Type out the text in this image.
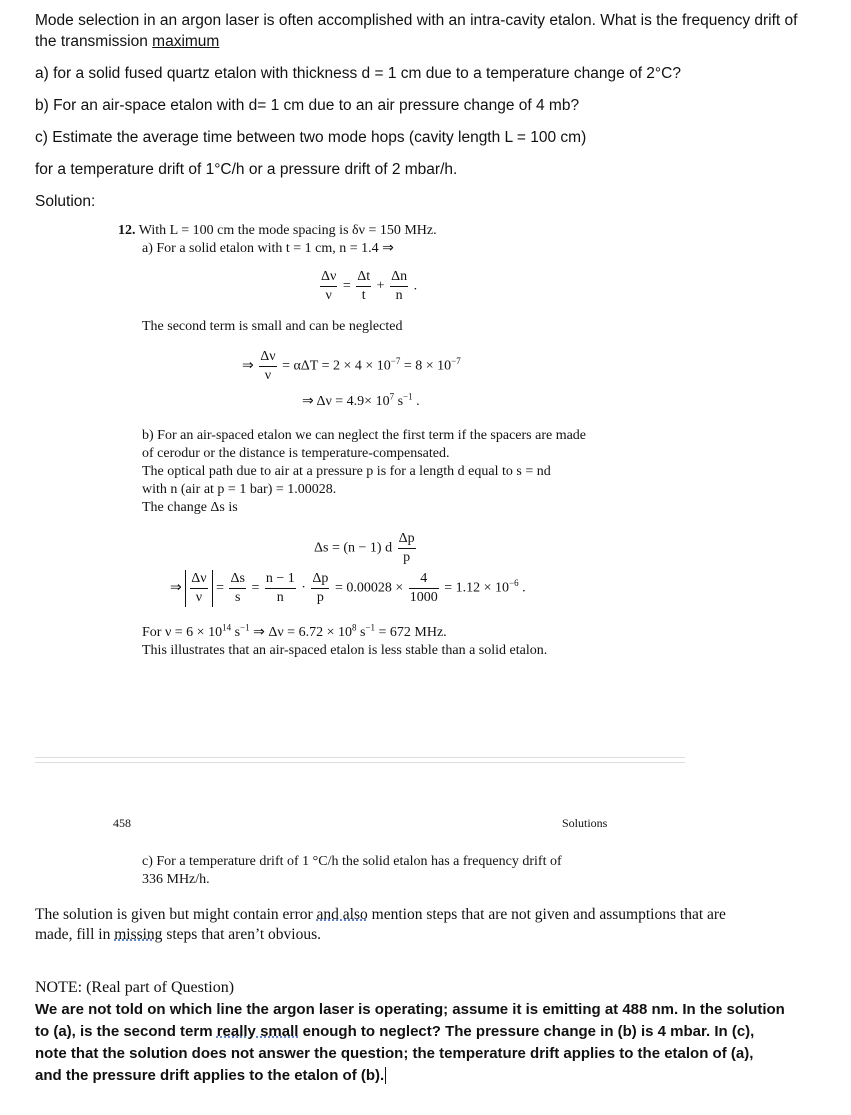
Mode selection in an argon laser is often accomplished with an intra-cavity etalon. What is the frequency drift of
the transmission maximum
a) for a solid fused quartz etalon with thickness d = 1 cm due to a temperature change of 2°C?
b) For an air-space etalon with d= 1 cm due to an air pressure change of 4 mb?
c) Estimate the average time between two mode hops (cavity length L = 100 cm)
for a temperature drift of 1°C/h or a pressure drift of 2 mbar/h.
Solution:
12. With L = 100 cm the mode spacing is δν = 150 MHz.
a) For a solid etalon with t = 1 cm, n = 1.4 ⇒
$\frac{\Delta\nu}{\nu} = \frac{\Delta t}{t} + \frac{\Delta n}{n}$ .
The second term is small and can be neglected
⇒ $\frac{\Delta\nu}{\nu} = \alpha\Delta T = 2 \times 4 \times 10^{-7} = 8 \times 10^{-7}$
⇒ $\Delta\nu = 4.9\times 10^7$ $s^{-1}$ .
b) For an air-spaced etalon we can neglect the first term if the spacers are made
of cerodur or the distance is temperature-compensated.
The optical path due to air at a pressure p is for a length d equal to s = nd
with n (air at p = 1 bar) = 1.00028.
The change Δs is
Δs = (n − 1) d $\frac{\Delta p}{p}$
⇒ $\frac{\Delta\nu}{\nu} = \frac{\Delta s}{s} = \frac{n - 1}{n} \cdot \frac{\Delta p}{p} = 0.00028 \times \frac{4}{1000} = 1.12 \times 10^{-6}$ .
For $\nu = 6 \times 10^{14}$ $s^{-1}$ ⇒ $\Delta\nu = 6.72 \times 10^8$ $s^{-1} = 672$ MHz.
This illustrates that an air-spaced etalon is less stable than a solid etalon.
458	Solutions
c) For a temperature drift of 1 °C/h the solid etalon has a frequency drift of
336 MHz/h.
The solution is given but might contain error and also mention steps that are not given and assumptions that are
made, fill in missing steps that aren’t obvious.
NOTE: (Real part of Question)
We are not told on which line the argon laser is operating; assume it is emitting at 488 nm. In the solution
to (a), is the second term really small enough to neglect? The pressure change in (b) is 4 mbar. In (c),
note that the solution does not answer the question; the temperature drift applies to the etalon of (a),
and the pressure drift applies to the etalon of (b).
